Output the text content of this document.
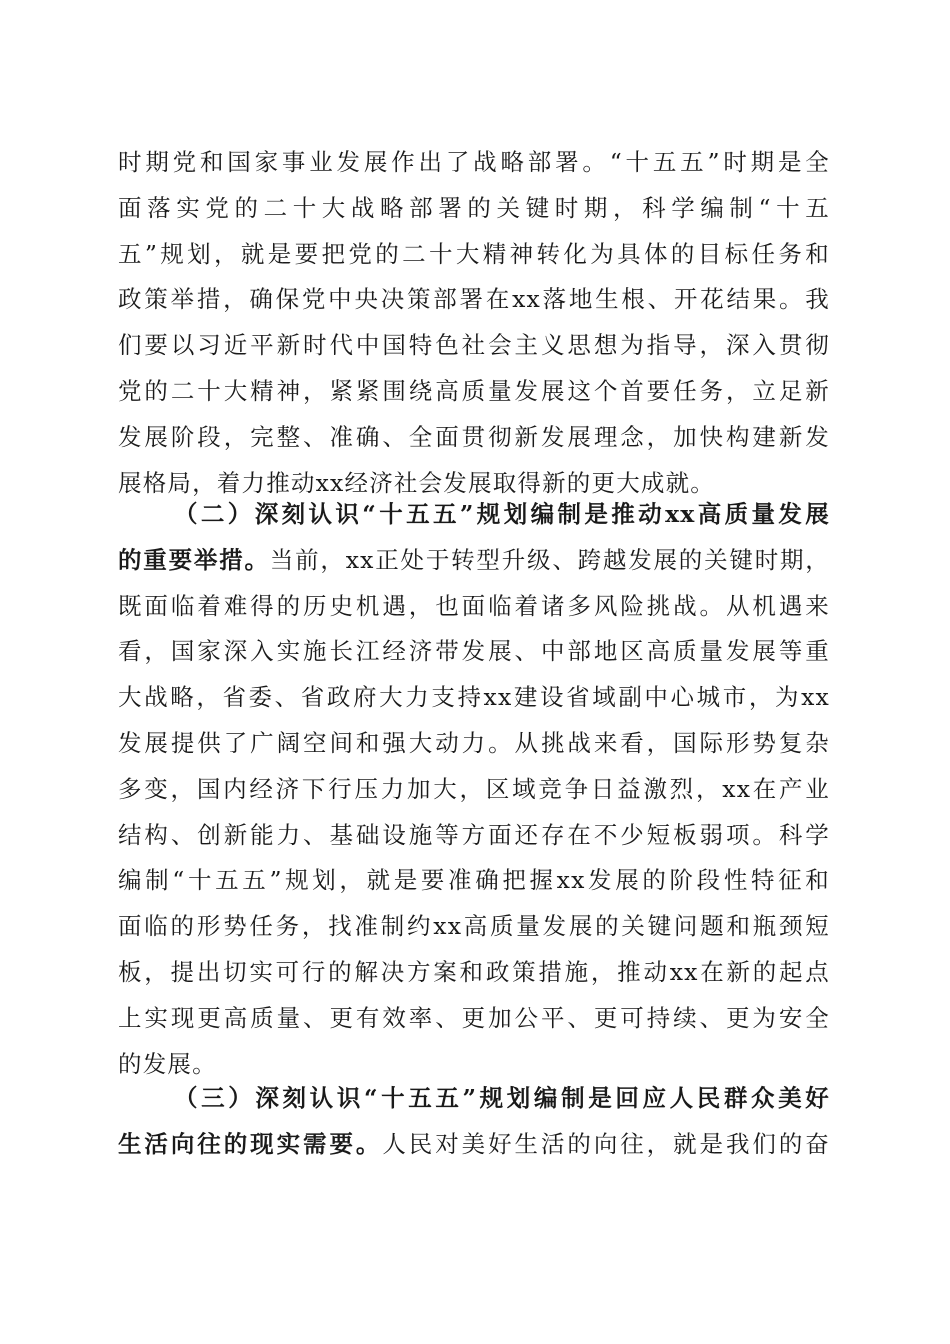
时期党和国家事业发展作出了战略部署。“十五五”时期是全
面落实党的二十大战略部署的关键时期，科学编制“十五
五”规划，就是要把党的二十大精神转化为具体的目标任务和
政策举措，确保党中央决策部署在xx落地生根、开花结果。我
们要以习近平新时代中国特色社会主义思想为指导，深入贯彻
党的二十大精神，紧紧围绕高质量发展这个首要任务，立足新
发展阶段，完整、准确、全面贯彻新发展理念，加快构建新发
展格局，着力推动xx经济社会发展取得新的更大成就。
（二）深刻认识“十五五”规划编制是推动xx高质量发展
的重要举措。当前，xx正处于转型升级、跨越发展的关键时期，
既面临着难得的历史机遇，也面临着诸多风险挑战。从机遇来
看，国家深入实施长江经济带发展、中部地区高质量发展等重
大战略，省委、省政府大力支持xx建设省域副中心城市，为xx
发展提供了广阔空间和强大动力。从挑战来看，国际形势复杂
多变，国内经济下行压力加大，区域竞争日益激烈，xx在产业
结构、创新能力、基础设施等方面还存在不少短板弱项。科学
编制“十五五”规划，就是要准确把握xx发展的阶段性特征和
面临的形势任务，找准制约xx高质量发展的关键问题和瓶颈短
板，提出切实可行的解决方案和政策措施，推动xx在新的起点
上实现更高质量、更有效率、更加公平、更可持续、更为安全
的发展。
（三）深刻认识“十五五”规划编制是回应人民群众美好
生活向往的现实需要。人民对美好生活的向往，就是我们的奋
